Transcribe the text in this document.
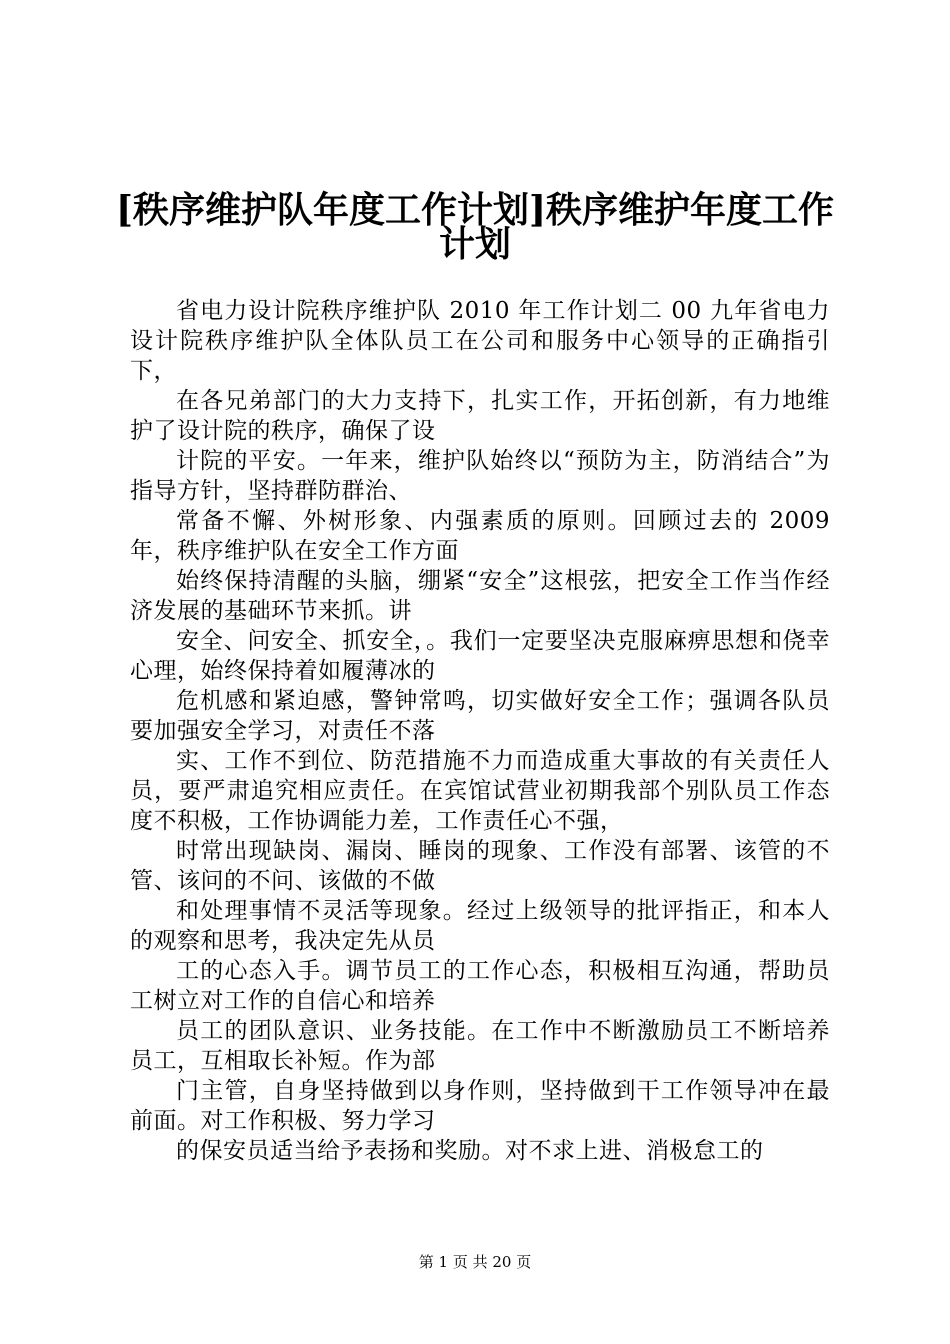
[秩序维护队年度工作计划]秩序维护年度工作
计划

省电力设计院秩序维护队 2010 年工作计划二 00 九年省电力设计院秩序维护队全体队员工在公司和服务中心领导的正确指引下，

在各兄弟部门的大力支持下，扎实工作，开拓创新，有力地维护了设计院的秩序，确保了设

计院的平安。一年来，维护队始终以“预防为主，防消结合”为指导方针，坚持群防群治、

常备不懈、外树形象、内强素质的原则。回顾过去的 2009 年，秩序维护队在安全工作方面

始终保持清醒的头脑，绷紧“安全”这根弦，把安全工作当作经济发展的基础环节来抓。讲

安全、问安全、抓安全，。我们一定要坚决克服麻痹思想和侥幸心理，始终保持着如履薄冰的

危机感和紧迫感，警钟常鸣，切实做好安全工作；强调各队员要加强安全学习，对责任不落

实、工作不到位、防范措施不力而造成重大事故的有关责任人员，要严肃追究相应责任。在宾馆试营业初期我部个别队员工作态度不积极，工作协调能力差，工作责任心不强，

时常出现缺岗、漏岗、睡岗的现象、工作没有部署、该管的不管、该问的不问、该做的不做

和处理事情不灵活等现象。经过上级领导的批评指正，和本人的观察和思考，我决定先从员

工的心态入手。调节员工的工作心态，积极相互沟通，帮助员工树立对工作的自信心和培养

员工的团队意识、业务技能。在工作中不断激励员工不断培养员工，互相取长补短。作为部

门主管，自身坚持做到以身作则，坚持做到干工作领导冲在最前面。对工作积极、努力学习

的保安员适当给予表扬和奖励。对不求上进、消极怠工的

第 1 页 共 20 页
